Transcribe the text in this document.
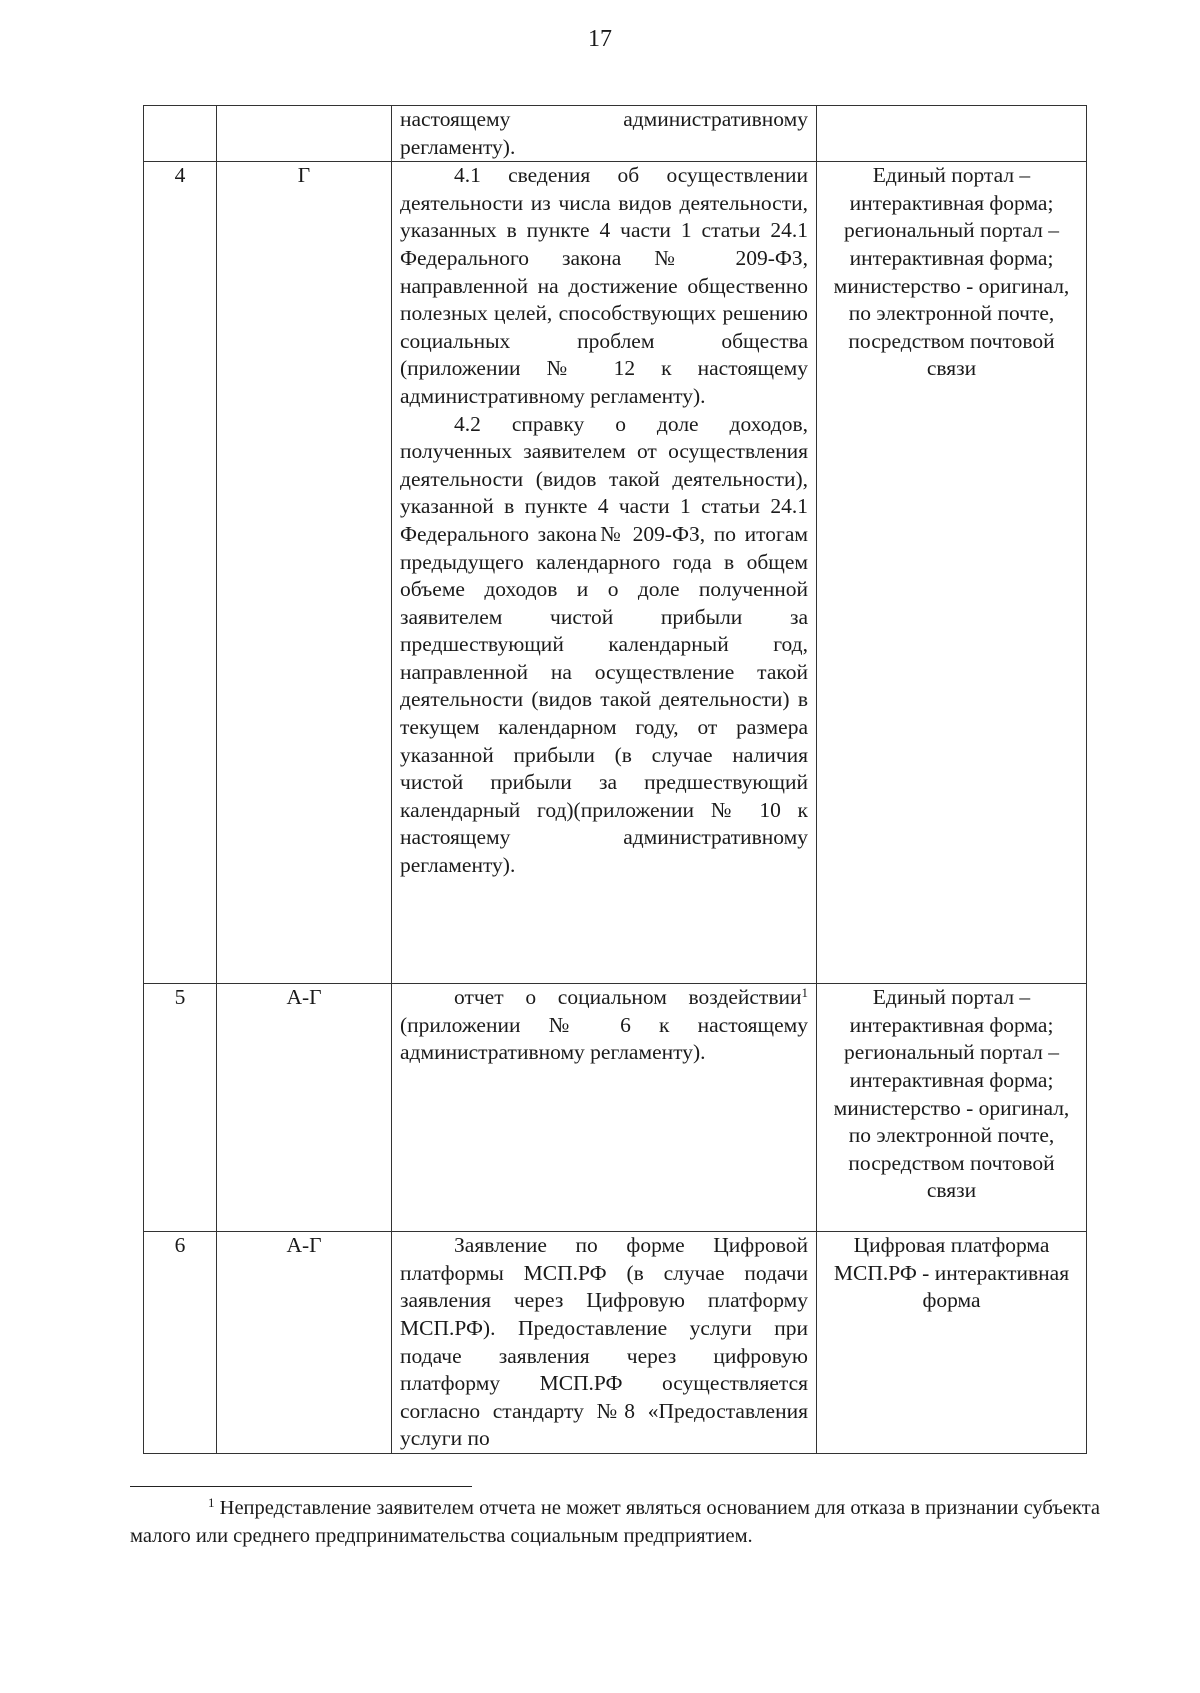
17

		настоящему административному регламенту).	

4	Г	4.1 сведения об осуществлении деятельности из числа видов деятельности, указанных в пункте 4 части 1 статьи 24.1 Федерального закона № 209-ФЗ, направленной на достижение общественно полезных целей, способствующих решению социальных проблем общества (приложении № 12 к настоящему административному регламенту).

4.2 справку о доле доходов, полученных заявителем от осуществления деятельности (видов такой деятельности), указанной в пункте 4 части 1 статьи 24.1 Федерального закона№ 209-ФЗ, по итогам предыдущего календарного года в общем объеме доходов и о доле полученной заявителем чистой прибыли за предшествующий календарный год, направленной на осуществление такой деятельности (видов такой деятельности) в текущем календарном году, от размера указанной прибыли (в случае наличия чистой прибыли за предшествующий календарный год)(приложении № 10 к настоящему административному регламенту).	Единый портал – интерактивная форма; региональный портал – интерактивная форма; министерство - оригинал, по электронной почте, посредством почтовой связи
5	А-Г	отчет о социальном воздействии$^1$ (приложении № 6 к настоящему административному регламенту).	Единый портал – интерактивная форма; региональный портал – интерактивная форма; министерство - оригинал, по электронной почте, посредством почтовой связи
6	А-Г	Заявление по форме Цифровой платформы МСП.РФ (в случае подачи заявления через Цифровую платформу МСП.РФ). Предоставление услуги при подаче заявления через цифровую платформу МСП.РФ осуществляется согласно стандарту №8 «Предоставления услуги по	Цифровая платформа МСП.РФ - интерактивная форма

$^1$ Непредставление заявителем отчета не может являться основанием для отказа в признании субъекта малого или среднего предпринимательства социальным предприятием.
